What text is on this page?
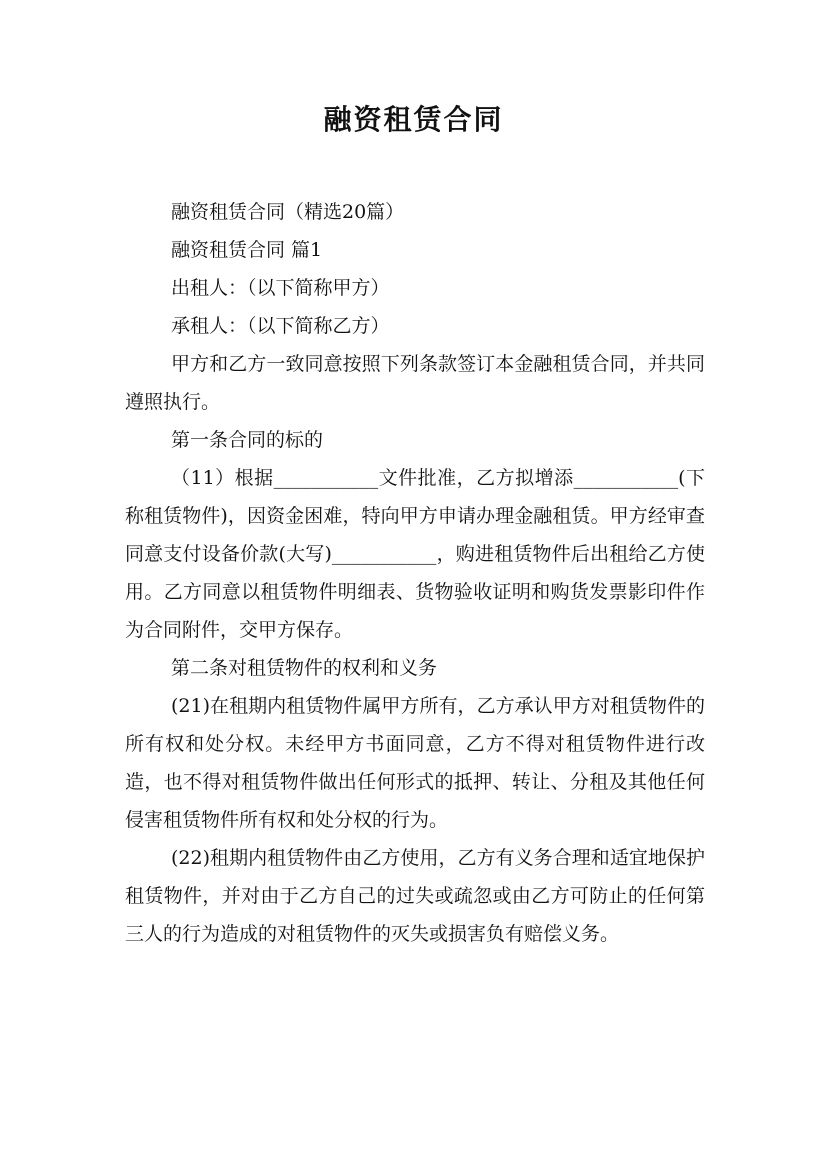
融资租赁合同

融资租赁合同（精选20篇）

融资租赁合同 篇1

出租人：（以下简称甲方）

承租人：（以下简称乙方）

甲方和乙方一致同意按照下列条款签订本金融租赁合同，并共同遵照执行。

第一条合同的标的

（11）根据___________文件批准，乙方拟增添___________(下称租赁物件)，因资金困难，特向甲方申请办理金融租赁。甲方经审查同意支付设备价款(大写)___________，购进租赁物件后出租给乙方使用。乙方同意以租赁物件明细表、货物验收证明和购货发票影印件作为合同附件，交甲方保存。

第二条对租赁物件的权利和义务

(21)在租期内租赁物件属甲方所有，乙方承认甲方对租赁物件的所有权和处分权。未经甲方书面同意，乙方不得对租赁物件进行改造，也不得对租赁物件做出任何形式的抵押、转让、分租及其他任何侵害租赁物件所有权和处分权的行为。

(22)租期内租赁物件由乙方使用，乙方有义务合理和适宜地保护租赁物件，并对由于乙方自己的过失或疏忽或由乙方可防止的任何第三人的行为造成的对租赁物件的灭失或损害负有赔偿义务。
